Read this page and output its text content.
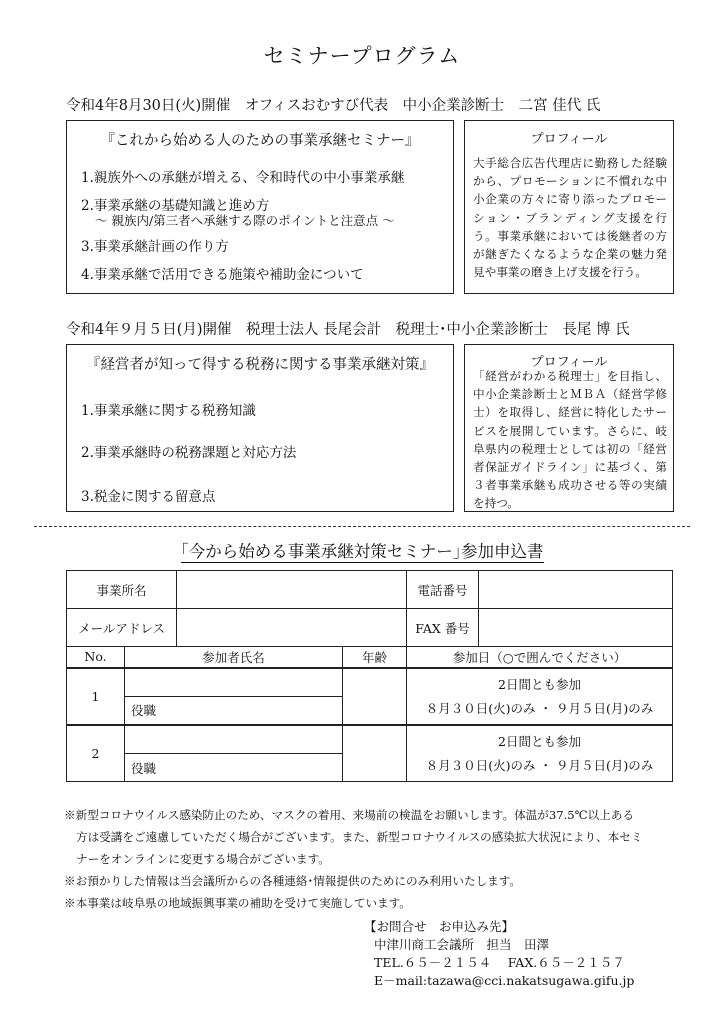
セミナープログラム
令和4年8月30日(火)開催　オフィスおむすび代表　中小企業診断士　二宮 佳代 氏
『これから始める人のための事業承継セミナー』
1.親族外への承継が増える、令和時代の中小事業承継
2.事業承継の基礎知識と進め方
～ 親族内/第三者へ承継する際のポイントと注意点 ～
3.事業承継計画の作り方
4.事業承継で活用できる施策や補助金について
プロフィール
大手総合広告代理店に勤務した経験から、プロモーションに不慣れな中小企業の方々に寄り添ったプロモーション・ブランディング支援を行う。事業承継においては後継者の方が継ぎたくなるような企業の魅力発見や事業の磨き上げ支援を行う。
令和4年９月５日(月)開催　税理士法人 長尾会計　税理士･中小企業診断士　長尾 博 氏
『経営者が知って得する税務に関する事業承継対策』
1.事業承継に関する税務知識
2.事業承継時の税務課題と対応方法
3.税金に関する留意点
プロフィール
「経営がわかる税理士」を目指し、中小企業診断士とＭＢＡ（経営学修士）を取得し、経営に特化したサービスを展開しています。さらに、岐阜県内の税理士としては初の「経営者保証ガイドライン」に基づく、第３者事業承継も成功させる等の実績を持つ。
｢今から始める事業承継対策セミナー｣参加申込書
事業所名				電話番号	
メールアドレス				FAX 番号	
No.	参加者氏名		年齢	参加日（○で囲んでください）	
1				2日間とも参加
８月３０日(火)のみ ・ ９月５日(月)のみ	

	役職				
2				2日間とも参加
８月３０日(火)のみ ・ ９月５日(月)のみ	

	役職				

※新型コロナウイルス感染防止のため、マスクの着用、来場前の検温をお願いします。体温が37.5℃以上ある

方は受講をご遠慮していただく場合がございます。また、新型コロナウイルスの感染拡大状況により、本セミ

ナーをオンラインに変更する場合がございます。

※お預かりした情報は当会議所からの各種連絡･情報提供のためにのみ利用いたします。

※本事業は岐阜県の地域振興事業の補助を受けて実施しています。

【お問合せ　お申込み先】
中津川商工会議所　担当　田澤
TEL.６５－２１５４　 FAX.６５－２１５７
E－mail:tazawa@cci.nakatsugawa.gifu.jp
